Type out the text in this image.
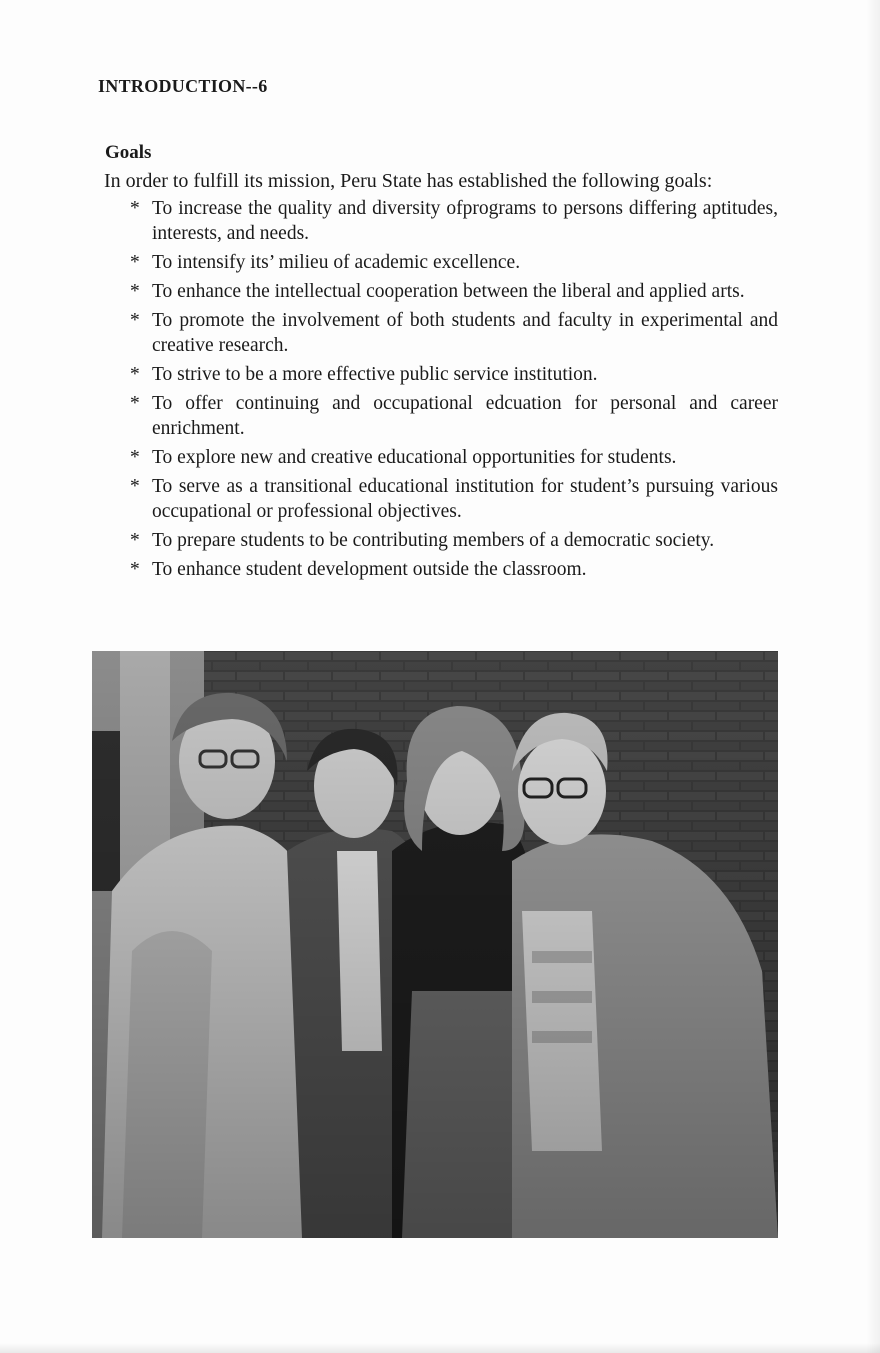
INTRODUCTION--6
Goals
In order to fulfill its mission, Peru State has established the following goals:
* To increase the quality and diversity ofprograms to persons differing aptitudes, interests, and needs.
* To intensify its’ milieu of academic excellence.
* To enhance the intellectual cooperation between the liberal and applied arts.
* To promote the involvement of both students and faculty in experimental and creative research.
* To strive to be a more effective public service institution.
* To offer continuing and occupational edcuation for personal and career enrichment.
* To explore new and creative educational opportunities for students.
* To serve as a transitional educational institution for student’s pursuing various occupational or professional objectives.
* To prepare students to be contributing members of a democratic society.
* To enhance student development outside the classroom.
